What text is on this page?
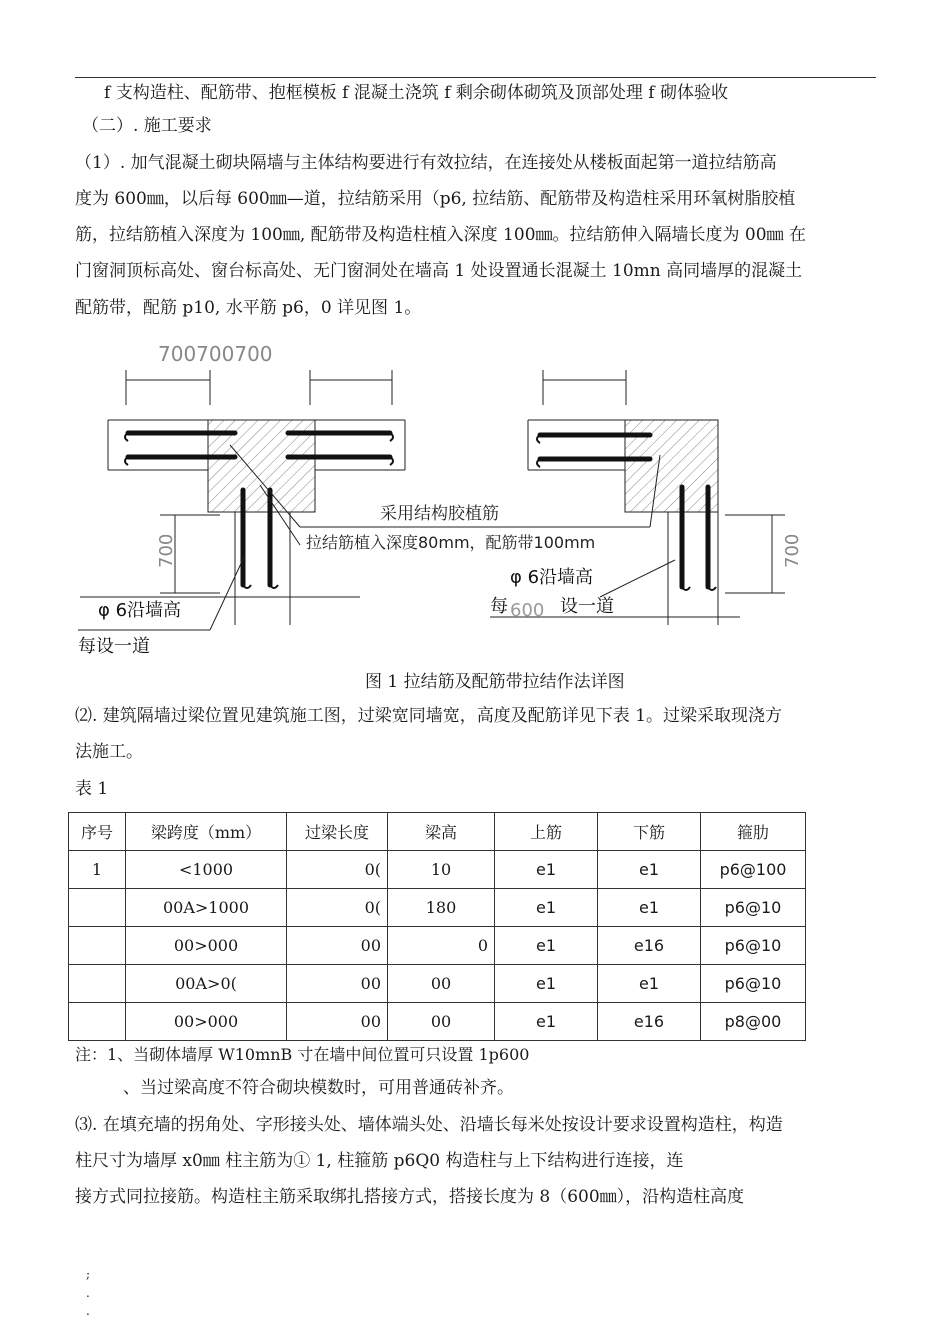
f 支构造柱、配筋带、抱框模板 f 混凝土浇筑 f 剩余砌体砌筑及顶部处理 f 砌体验收
（二）. 施工要求
（1）. 加气混凝土砌块隔墙与主体结构要进行有效拉结，在连接处从楼板面起第一道拉结筋高
度为 600㎜，以后每 600㎜—道，拉结筋采用（p6, 拉结筋、配筋带及构造柱采用环氧树脂胶植
筋，拉结筋植入深度为 100㎜, 配筋带及构造柱植入深度 100㎜。拉结筋伸入隔墙长度为 00㎜ 在
门窗洞顶标高处、窗台标高处、无门窗洞处在墙高 1 处设置通长混凝土 10mn 高同墙厚的混凝土
配筋带，配筋 p10, 水平筋 p6，0 详见图 1。
700700700
700	700
采用结构胶植筋
拉结筋植入深度80mm，配筋带100mm
φ 6沿墙高
每设一道
φ 6沿墙高
每 600 设一道
图 1 拉结筋及配筋带拉结作法详图
⑵. 建筑隔墙过梁位置见建筑施工图，过梁宽同墙宽，高度及配筋详见下表 1。过梁采取现浇方
法施工。
表 1
序号	梁跨度（mm）	过梁长度	梁高	上筋	下筋	箍肋
1	<1000	0(	10	e1	e1	p6@100
	00A>1000	0(	180	e1	e1	p6@10
	00>000	00	0	e1	e16	p6@10
	00A>0(	00	00	e1	e1	p6@10
	00>000	00	00	e1	e16	p8@00
注：1、当砌体墙厚 W10mnB 寸在墙中间位置可只设置 1p600
、当过梁高度不符合砌块模数时，可用普通砖补齐。
⑶. 在填充墙的拐角处、字形接头处、墙体端头处、沿墙长每米处按设计要求设置构造柱，构造
柱尺寸为墙厚 x0㎜ 柱主筋为① 1, 柱箍筋 p6Q0 构造柱与上下结构进行连接，连
接方式同拉接筋。构造柱主筋采取绑扎搭接方式，搭接长度为 8（600㎜），沿构造柱高度
;
.
.
